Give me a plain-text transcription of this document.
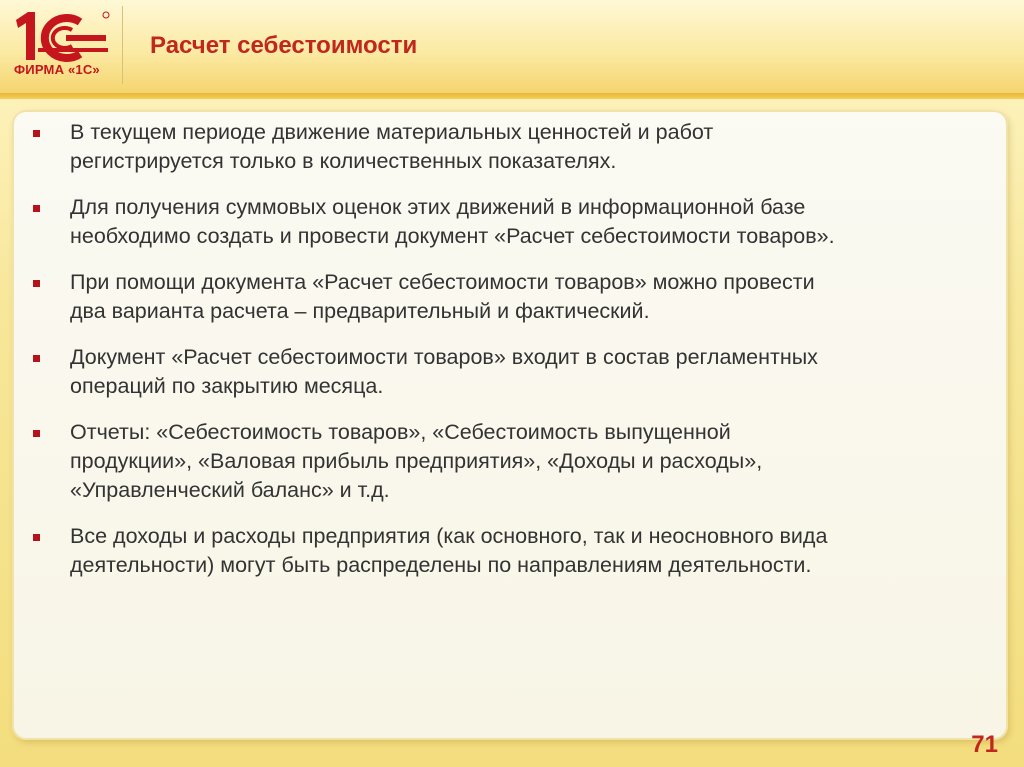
ФИРМА «1С»
Расчет себестоимости
В текущем периоде движение материальных ценностей и работ
регистрируется только в количественных показателях.
Для получения суммовых оценок этих движений в информационной базе
необходимо создать и провести документ «Расчет себестоимости товаров».
При помощи документа «Расчет себестоимости товаров» можно провести
два варианта расчета – предварительный и фактический.
Документ «Расчет себестоимости товаров» входит в состав регламентных
операций по закрытию месяца.
Отчеты: «Себестоимость товаров», «Себестоимость выпущенной
продукции», «Валовая прибыль предприятия», «Доходы и расходы»,
«Управленческий баланс» и т.д.
Все доходы и расходы предприятия (как основного, так и неосновного вида
деятельности) могут быть распределены по направлениям деятельности.
71
